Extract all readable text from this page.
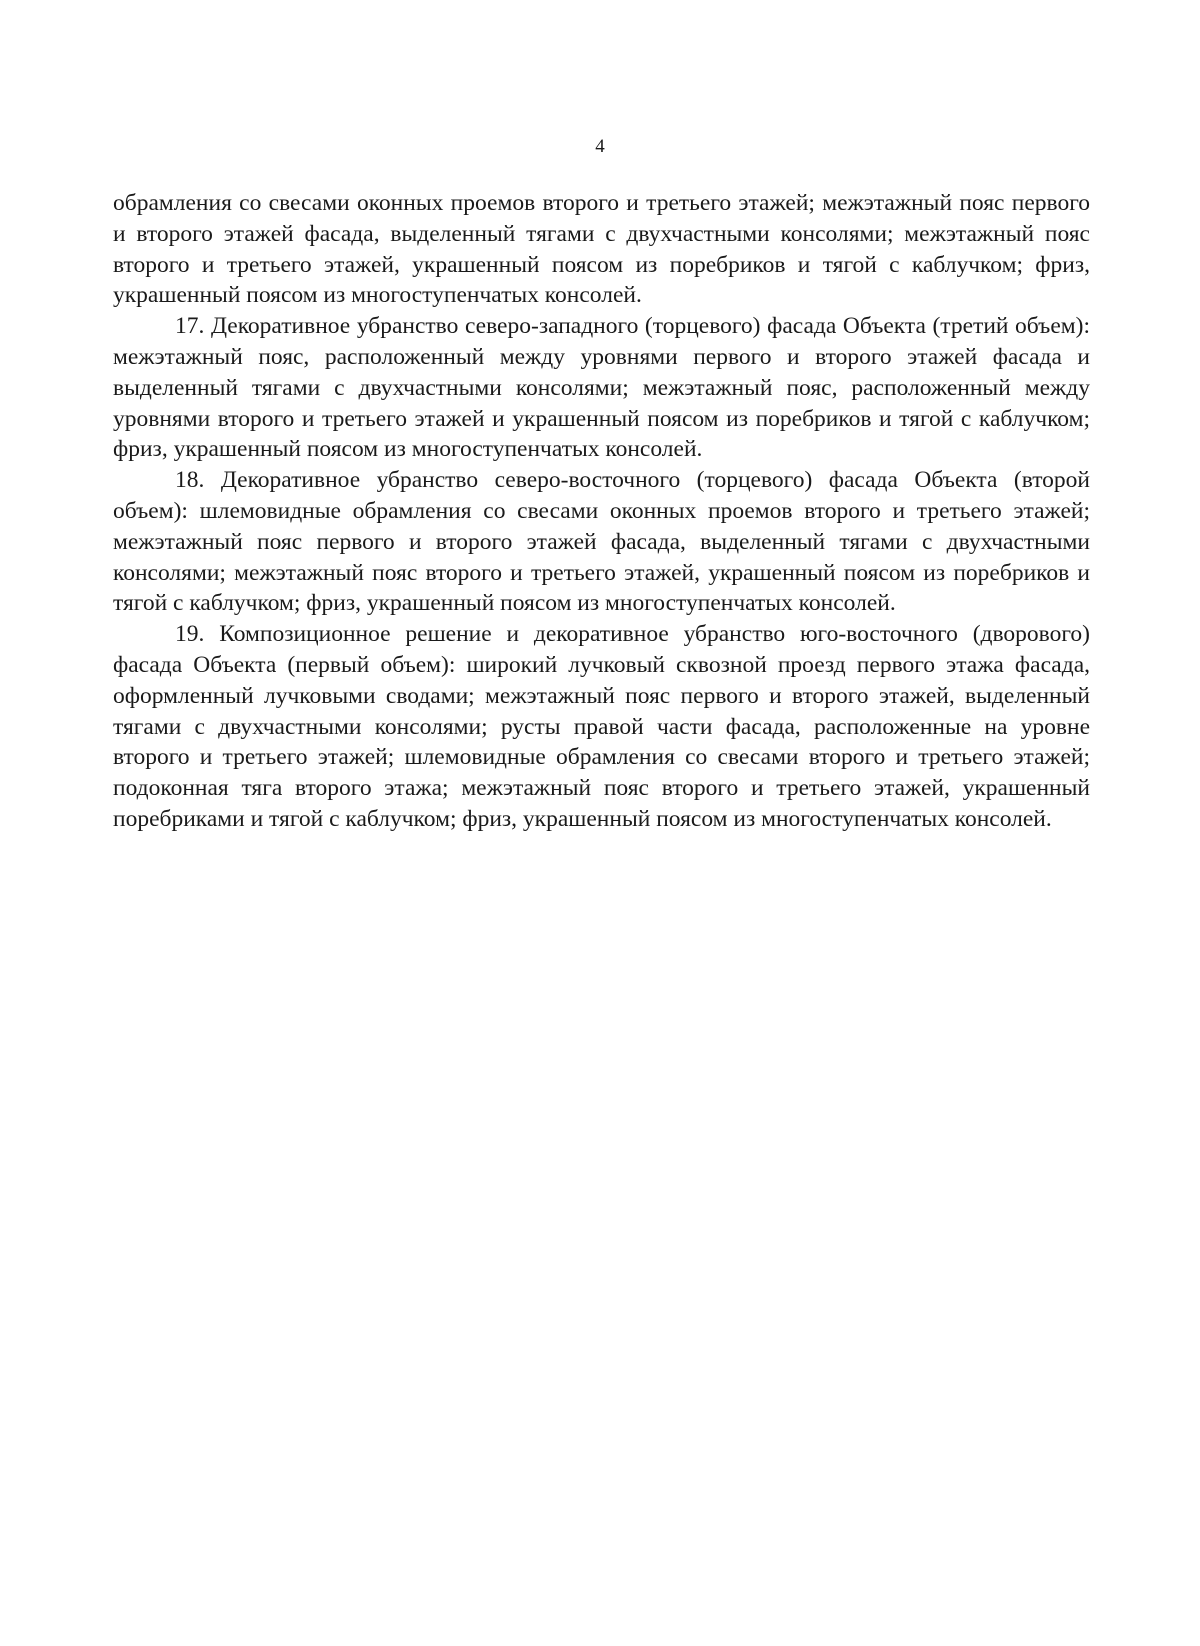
4

обрамления со свесами оконных проемов второго и третьего этажей; межэтажный пояс первого и второго этажей фасада, выделенный тягами с двухчастными консолями; межэтажный пояс второго и третьего этажей, украшенный поясом из поребриков и тягой с каблучком; фриз, украшенный поясом из многоступенчатых консолей.

17. Декоративное убранство северо-западного (торцевого) фасада Объекта (третий объем): межэтажный пояс, расположенный между уровнями первого и второго этажей фасада и выделенный тягами с двухчастными консолями; межэтажный пояс, расположенный между уровнями второго и третьего этажей и украшенный поясом из поребриков и тягой с каблучком; фриз, украшенный поясом из многоступенчатых консолей.

18. Декоративное убранство северо-восточного (торцевого) фасада Объекта (второй объем): шлемовидные обрамления со свесами оконных проемов второго и третьего этажей; межэтажный пояс первого и второго этажей фасада, выделенный тягами с двухчастными консолями; межэтажный пояс второго и третьего этажей, украшенный поясом из поребриков и тягой с каблучком; фриз, украшенный поясом из многоступенчатых консолей.

19. Композиционное решение и декоративное убранство юго-восточного (дворового) фасада Объекта (первый объем): широкий лучковый сквозной проезд первого этажа фасада, оформленный лучковыми сводами; межэтажный пояс первого и второго этажей, выделенный тягами с двухчастными консолями; русты правой части фасада, расположенные на уровне второго и третьего этажей; шлемовидные обрамления со свесами второго и третьего этажей; подоконная тяга второго этажа; межэтажный пояс второго и третьего этажей, украшенный поребриками и тягой с каблучком; фриз, украшенный поясом из многоступенчатых консолей.
